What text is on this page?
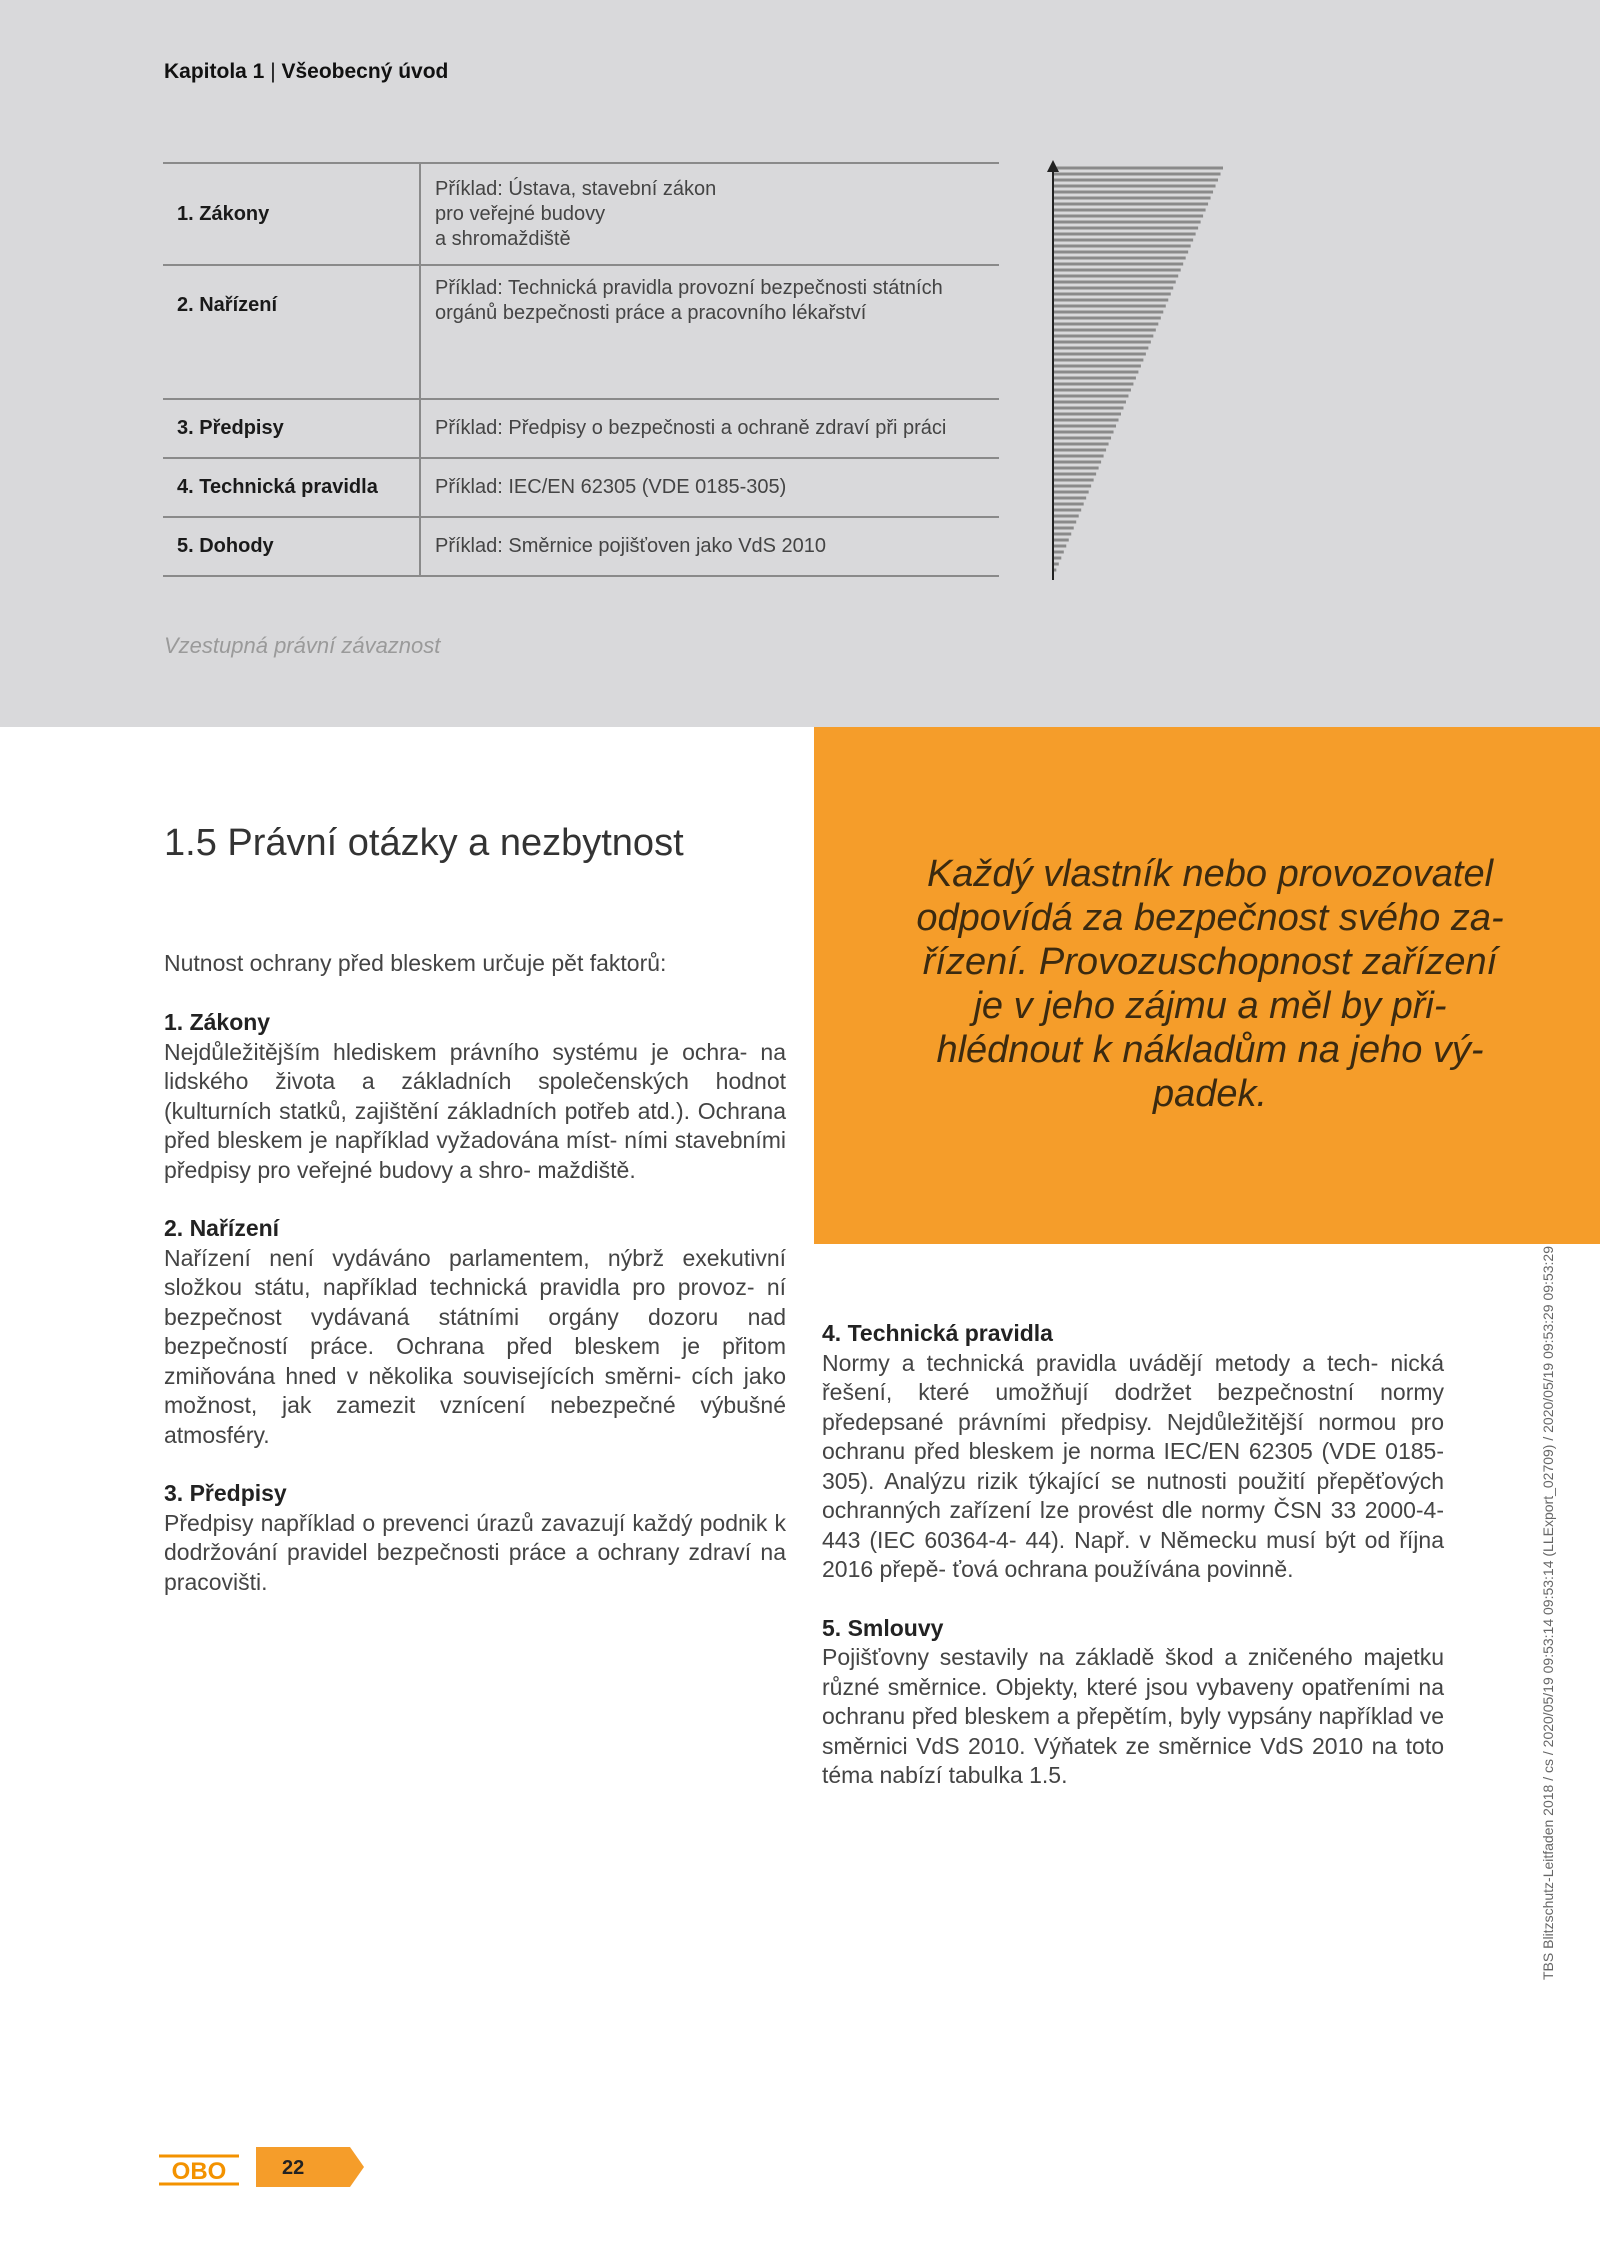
Kapitola 1 | Všeobecný úvod
1. Zákony	Příklad: Ústava, stavební zákon
pro veřejné budovy
a shromaždiště

2. Nařízení	Příklad: Technická pravidla provozní bezpečnosti státních
orgánů bezpečnosti práce a pracovního lékařství

3. Předpisy	Příklad: Předpisy o bezpečnosti a ochraně zdraví při práci

4. Technická pravidla	Příklad: IEC/EN 62305 (VDE 0185-305)

5. Dohody	Příklad: Směrnice pojišťoven jako VdS 2010
Vzestupná právní závaznost
Každý vlastník nebo provozovatel
odpovídá za bezpečnost svého za-
řízení. Provozuschopnost zařízení
je v jeho zájmu a měl by při-
hlédnout k nákladům na jeho vý-
padek.
1.5 Právní otázky a nezbytnost

Nutnost ochrany před bleskem určuje pět faktorů:

1. Zákony

Nejdůležitějším hlediskem právního systému je ochra- na lidského života a základních společenských hodnot (kulturních statků, zajištění základních potřeb atd.). Ochrana před bleskem je například vyžadována míst- ními stavebními předpisy pro veřejné budovy a shro- maždiště.

2. Nařízení

Nařízení není vydáváno parlamentem, nýbrž exekutivní složkou státu, například technická pravidla pro provoz- ní bezpečnost vydávaná státními orgány dozoru nad bezpečností práce. Ochrana před bleskem je přitom zmiňována hned v několika souvisejících směrni- cích jako možnost, jak zamezit vznícení nebezpečné výbušné atmosféry.

3. Předpisy

Předpisy například o prevenci úrazů zavazují každý podnik k dodržování pravidel bezpečnosti práce a ochrany zdraví na pracovišti.

4. Technická pravidla

Normy a technická pravidla uvádějí metody a tech- nická řešení, které umožňují dodržet bezpečnostní normy předepsané právními předpisy. Nejdůležitější normou pro ochranu před bleskem je norma IEC/EN 62305 (VDE 0185-305). Analýzu rizik týkající se nutnosti použití přepěťových ochranných zařízení lze provést dle normy ČSN 33 2000-4-443 (IEC 60364-4- 44). Např. v Německu musí být od října 2016 přepě- ťová ochrana používána povinně.

5. Smlouvy

Pojišťovny sestavily na základě škod a zničeného majetku různé směrnice. Objekty, které jsou vybaveny opatřeními na ochranu před bleskem a přepětím, byly vypsány například ve směrnici VdS 2010. Výňatek ze směrnice VdS 2010 na toto téma nabízí tabulka 1.5.	TBS Blitzschutz-Leitfaden 2018 / cs / 2020/05/19 09:53:14 09:53:14 (LLExport_02709) / 2020/05/19 09:53:29 09:53:29
OBO	22
